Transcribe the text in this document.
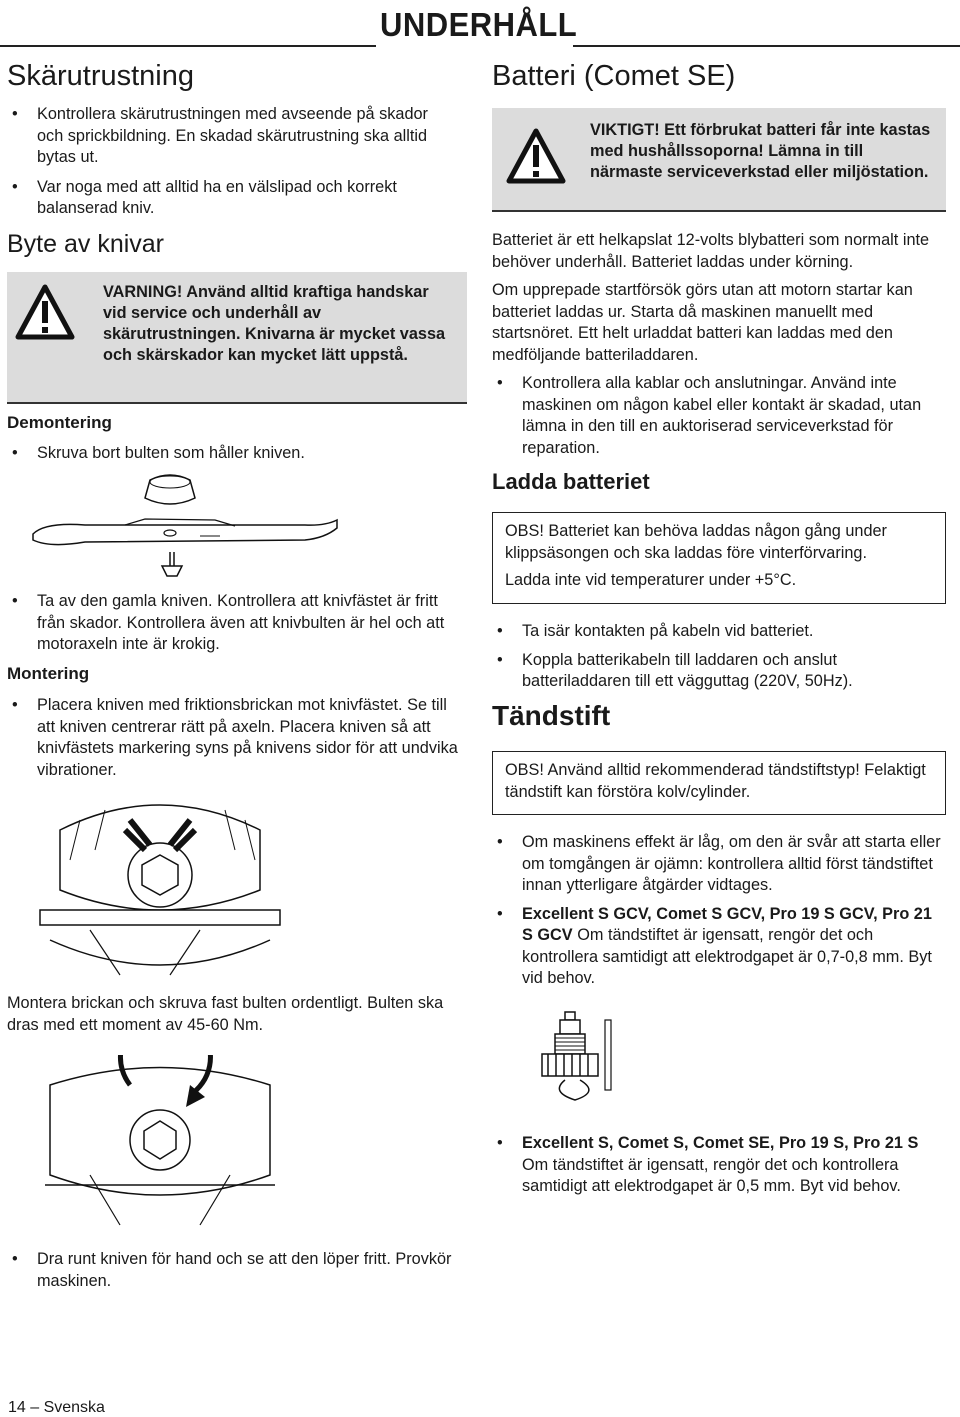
UNDERHÅLL
Skärutrustning
• Kontrollera skärutrustningen med avseende på skador och sprickbildning. En skadad skärutrustning ska alltid bytas ut.
• Var noga med att alltid ha en välslipad och korrekt balanserad kniv.
Byte av knivar
VARNING! Använd alltid kraftiga handskar vid service och underhåll av skärutrustningen. Knivarna är mycket vassa och skärskador kan mycket lätt uppstå.
Demontering
• Skruva bort bulten som håller kniven.
• Ta av den gamla kniven. Kontrollera att knivfästet är fritt från skador. Kontrollera även att knivbulten är hel och att motoraxeln inte är krokig.
Montering
• Placera kniven med friktionsbrickan mot knivfästet. Se till att kniven centrerar rätt på axeln. Placera kniven så att knivfästets markering syns på knivens sidor för att undvika vibrationer.
Montera brickan och skruva fast bulten ordentligt. Bulten ska dras med ett moment av 45-60 Nm.
• Dra runt kniven för hand och se att den löper fritt. Provkör maskinen.
14 – Svenska
Batteri (Comet SE)
VIKTIGT! Ett förbrukat batteri får inte kastas med hushållssoporna! Lämna in till närmaste serviceverkstad eller miljöstation.
Batteriet är ett helkapslat 12-volts blybatteri som normalt inte behöver underhåll. Batteriet laddas under körning.
Om upprepade startförsök görs utan att motorn startar kan batteriet laddas ur. Starta då maskinen manuellt med startsnöret. Ett helt urladdat batteri kan laddas med den medföljande batteriladdaren.
• Kontrollera alla kablar och anslutningar. Använd inte maskinen om någon kabel eller kontakt är skadad, utan lämna in den till en auktoriserad serviceverkstad för reparation.
Ladda batteriet
OBS! Batteriet kan behöva laddas någon gång under klippsäsongen och ska laddas före vinterförvaring.
Ladda inte vid temperaturer under +5°C.
• Ta isär kontakten på kabeln vid batteriet.
• Koppla batterikabeln till laddaren och anslut batteriladdaren till ett vägguttag (220V, 50Hz).
Tändstift
OBS! Använd alltid rekommenderad tändstiftstyp! Felaktigt tändstift kan förstöra kolv/cylinder.
• Om maskinens effekt är låg, om den är svår att starta eller om tomgången är ojämn: kontrollera alltid först tändstiftet innan ytterligare åtgärder vidtages.
• Excellent S GCV, Comet S GCV, Pro 19 S GCV, Pro 21 S GCV Om tändstiftet är igensatt, rengör det och kontrollera samtidigt att elektrodgapet är 0,7-0,8 mm. Byt vid behov.
• Excellent S, Comet S, Comet SE, Pro 19 S, Pro 21 S Om tändstiftet är igensatt, rengör det och kontrollera samtidigt att elektrodgapet är 0,5 mm. Byt vid behov.
